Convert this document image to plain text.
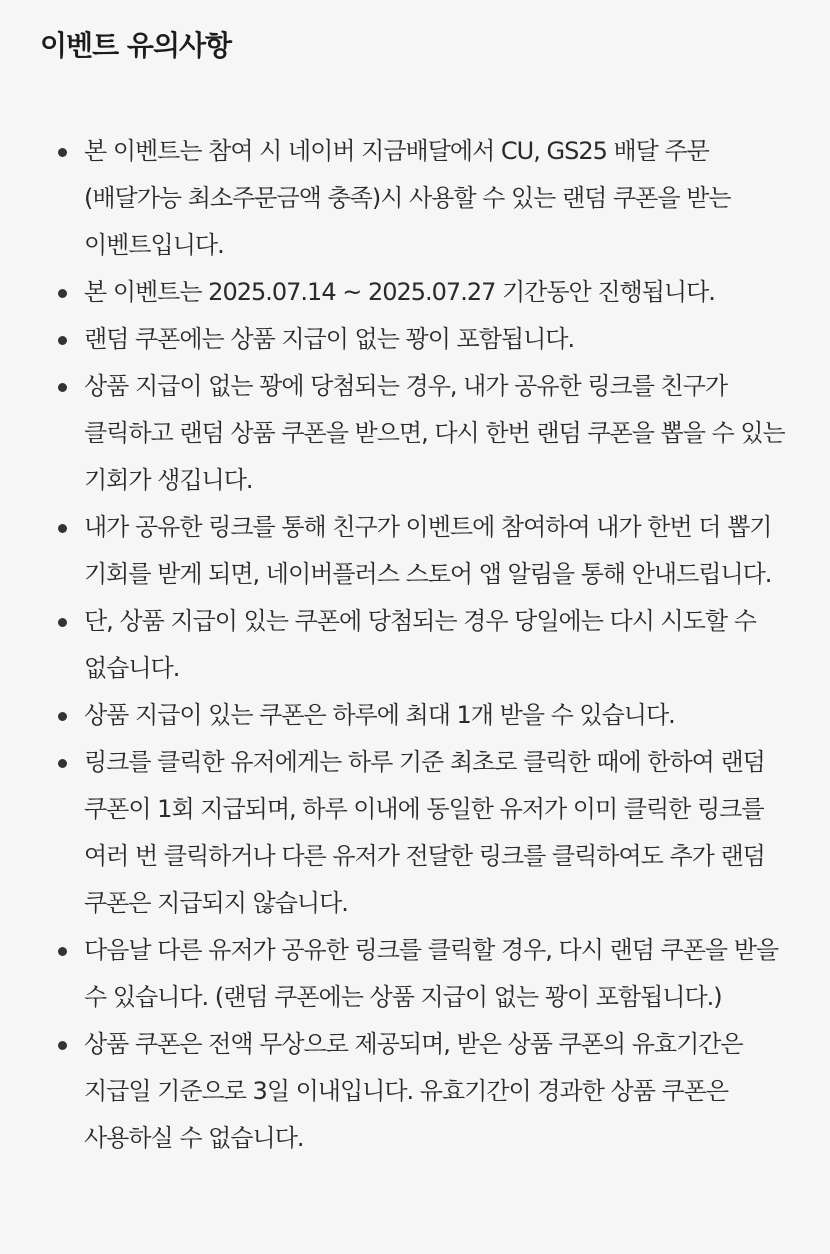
이벤트 유의사항
본 이벤트는 참여 시 네이버 지금배달에서 CU, GS25 배달 주문(배달가능 최소주문금액 충족)시 사용할 수 있는 랜덤 쿠폰을 받는 이벤트입니다.
본 이벤트는 2025.07.14 ~ 2025.07.27 기간동안 진행됩니다.
랜덤 쿠폰에는 상품 지급이 없는 꽝이 포함됩니다.
상품 지급이 없는 꽝에 당첨되는 경우, 내가 공유한 링크를 친구가 클릭하고 랜덤 상품 쿠폰을 받으면, 다시 한번 랜덤 쿠폰을 뽑을 수 있는 기회가 생깁니다.
내가 공유한 링크를 통해 친구가 이벤트에 참여하여 내가 한번 더 뽑기 기회를 받게 되면, 네이버플러스 스토어 앱 알림을 통해 안내드립니다.
단, 상품 지급이 있는 쿠폰에 당첨되는 경우 당일에는 다시 시도할 수 없습니다.
상품 지급이 있는 쿠폰은 하루에 최대 1개 받을 수 있습니다.
링크를 클릭한 유저에게는 하루 기준 최초로 클릭한 때에 한하여 랜덤 쿠폰이 1회 지급되며, 하루 이내에 동일한 유저가 이미 클릭한 링크를 여러 번 클릭하거나 다른 유저가 전달한 링크를 클릭하여도 추가 랜덤 쿠폰은 지급되지 않습니다.
다음날 다른 유저가 공유한 링크를 클릭할 경우, 다시 랜덤 쿠폰을 받을 수 있습니다. (랜덤 쿠폰에는 상품 지급이 없는 꽝이 포함됩니다.)
상품 쿠폰은 전액 무상으로 제공되며, 받은 상품 쿠폰의 유효기간은 지급일 기준으로 3일 이내입니다. 유효기간이 경과한 상품 쿠폰은 사용하실 수 없습니다.
